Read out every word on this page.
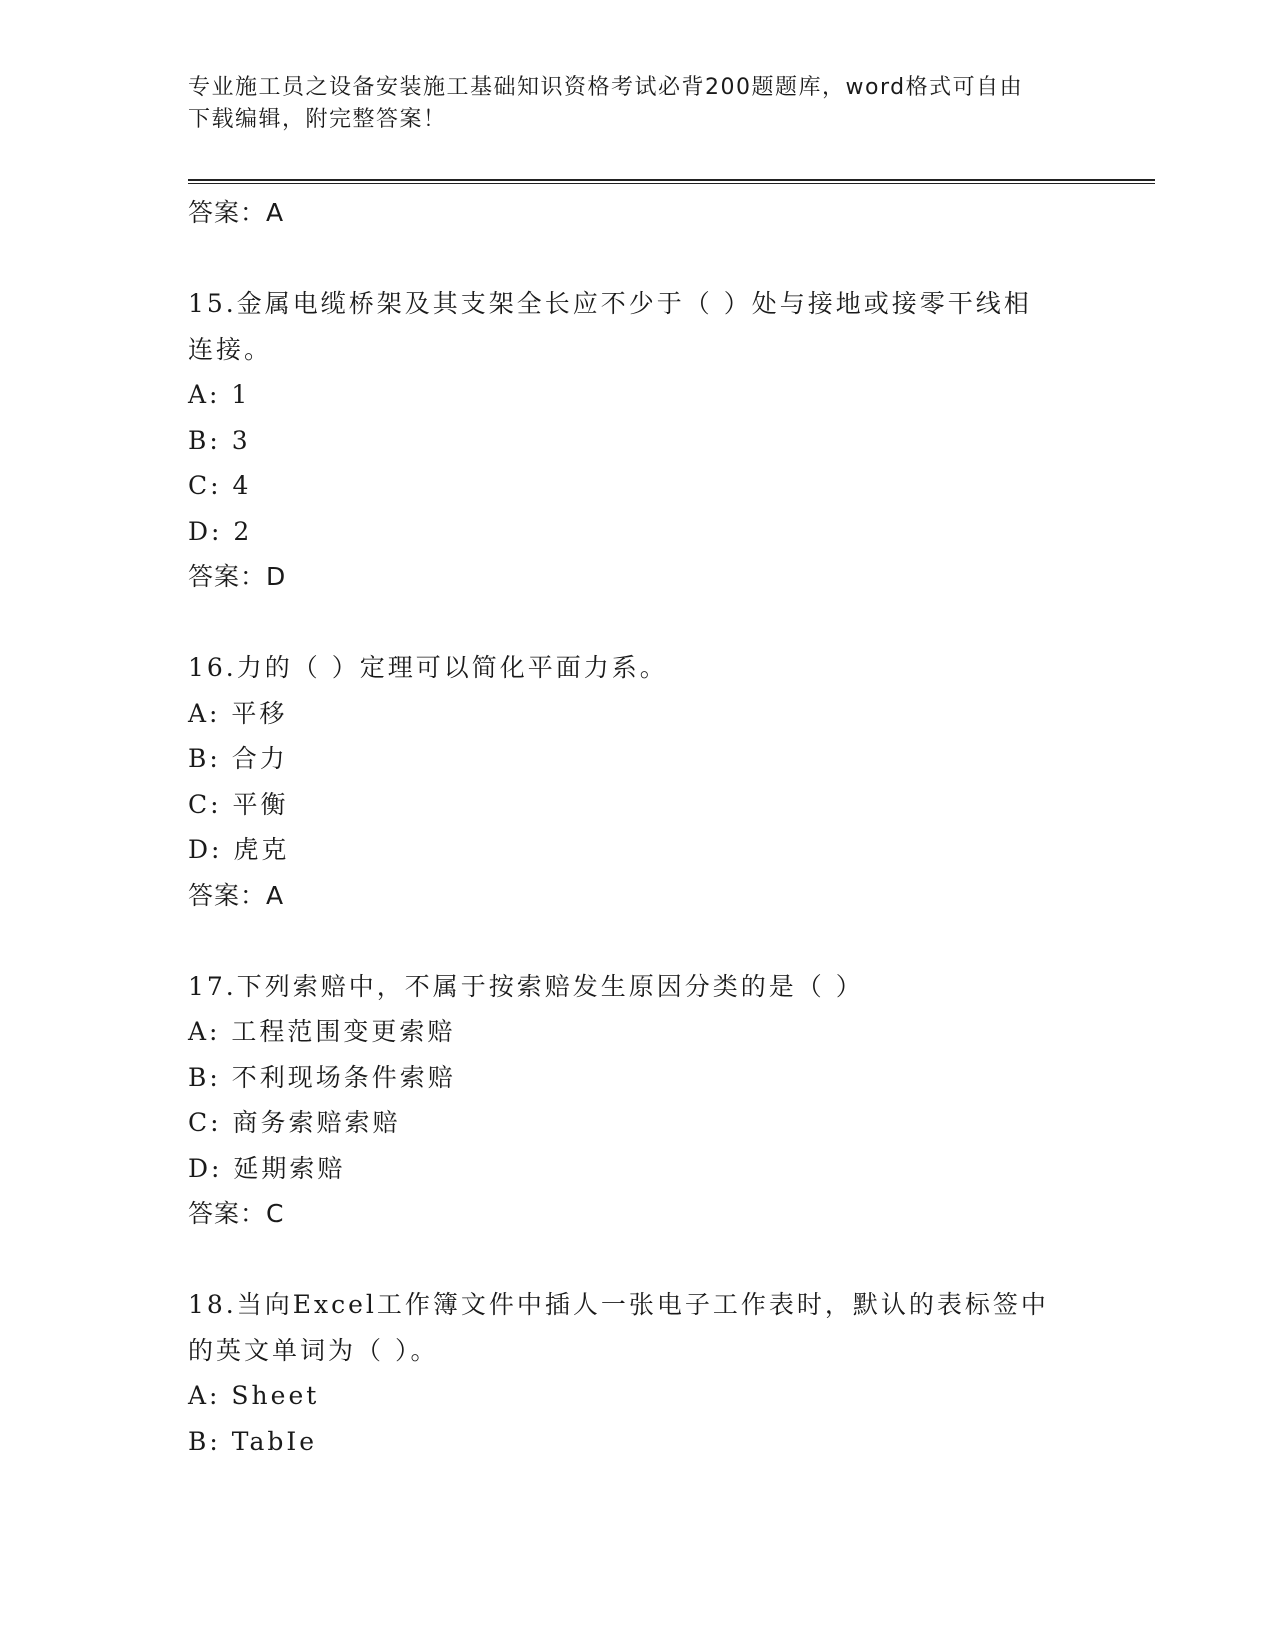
专业施工员之设备安装施工基础知识资格考试必背200题题库，word格式可自由
下载编辑，附完整答案！
答案：A
15.金属电缆桥架及其支架全长应不少于（ ）处与接地或接零干线相
连接。
A: 1
B: 3
C: 4
D: 2
答案：D
16.力的（ ）定理可以简化平面力系。
A: 平移
B: 合力
C: 平衡
D: 虎克
答案：A
17.下列索赔中，不属于按索赔发生原因分类的是（ ）
A: 工程范围变更索赔
B: 不利现场条件索赔
C: 商务索赔索赔
D: 延期索赔
答案：C
18.当向Excel工作簿文件中插人一张电子工作表时，默认的表标签中
的英文单词为（ ）。
A: Sheet
B: TabIe
